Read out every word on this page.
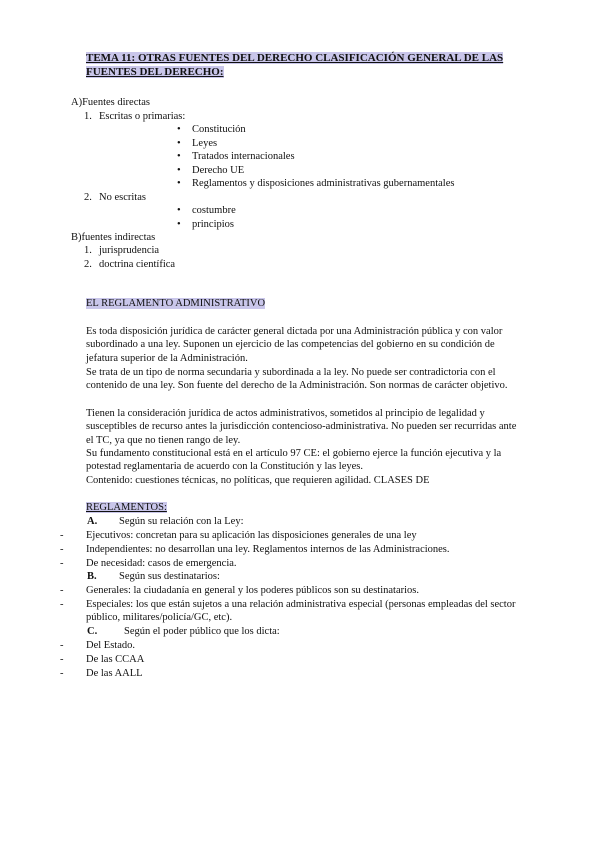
TEMA 11: OTRAS FUENTES DEL DERECHO CLASIFICACIÓN GENERAL DE LAS
FUENTES DEL DERECHO:
A)Fuentes directas
1. Escritas o primarias:
• Constitución
• Leyes
• Tratados internacionales
• Derecho UE
• Reglamentos y disposiciones administrativas gubernamentales
2. No escritas
• costumbre
• principios
B)fuentes indirectas
1. jurisprudencia
2. doctrina científica
EL REGLAMENTO ADMINISTRATIVO
Es toda disposición jurídica de carácter general dictada por una Administración pública y con valor subordinado a una ley. Suponen un ejercicio de las competencias del gobierno en su condición de jefatura superior de la Administración.
Se trata de un tipo de norma secundaria y subordinada a la ley. No puede ser contradictoria con el contenido de una ley. Son fuente del derecho de la Administración. Son normas de carácter objetivo.
Tienen la consideración jurídica de actos administrativos, sometidos al principio de legalidad y susceptibles de recurso antes la jurisdicción contencioso-administrativa. No pueden ser recurridas ante el TC, ya que no tienen rango de ley.
Su fundamento constitucional está en el artículo 97 CE: el gobierno ejerce la función ejecutiva y la potestad reglamentaria de acuerdo con la Constitución y las leyes.
Contenido: cuestiones técnicas, no políticas, que requieren agilidad. CLASES DE
REGLAMENTOS:
A. Según su relación con la Ley:
- Ejecutivos: concretan para su aplicación las disposiciones generales de una ley
- Independientes: no desarrollan una ley. Reglamentos internos de las Administraciones.
- De necesidad: casos de emergencia.
B. Según sus destinatarios:
- Generales: la ciudadanía en general y los poderes públicos son su destinatarios.
- Especiales: los que están sujetos a una relación administrativa especial (personas empleadas del sector público, militares/policía/GC, etc).
C.	Según el poder público que los dicta:
- Del Estado.
- De las CCAA
- De las AALL
